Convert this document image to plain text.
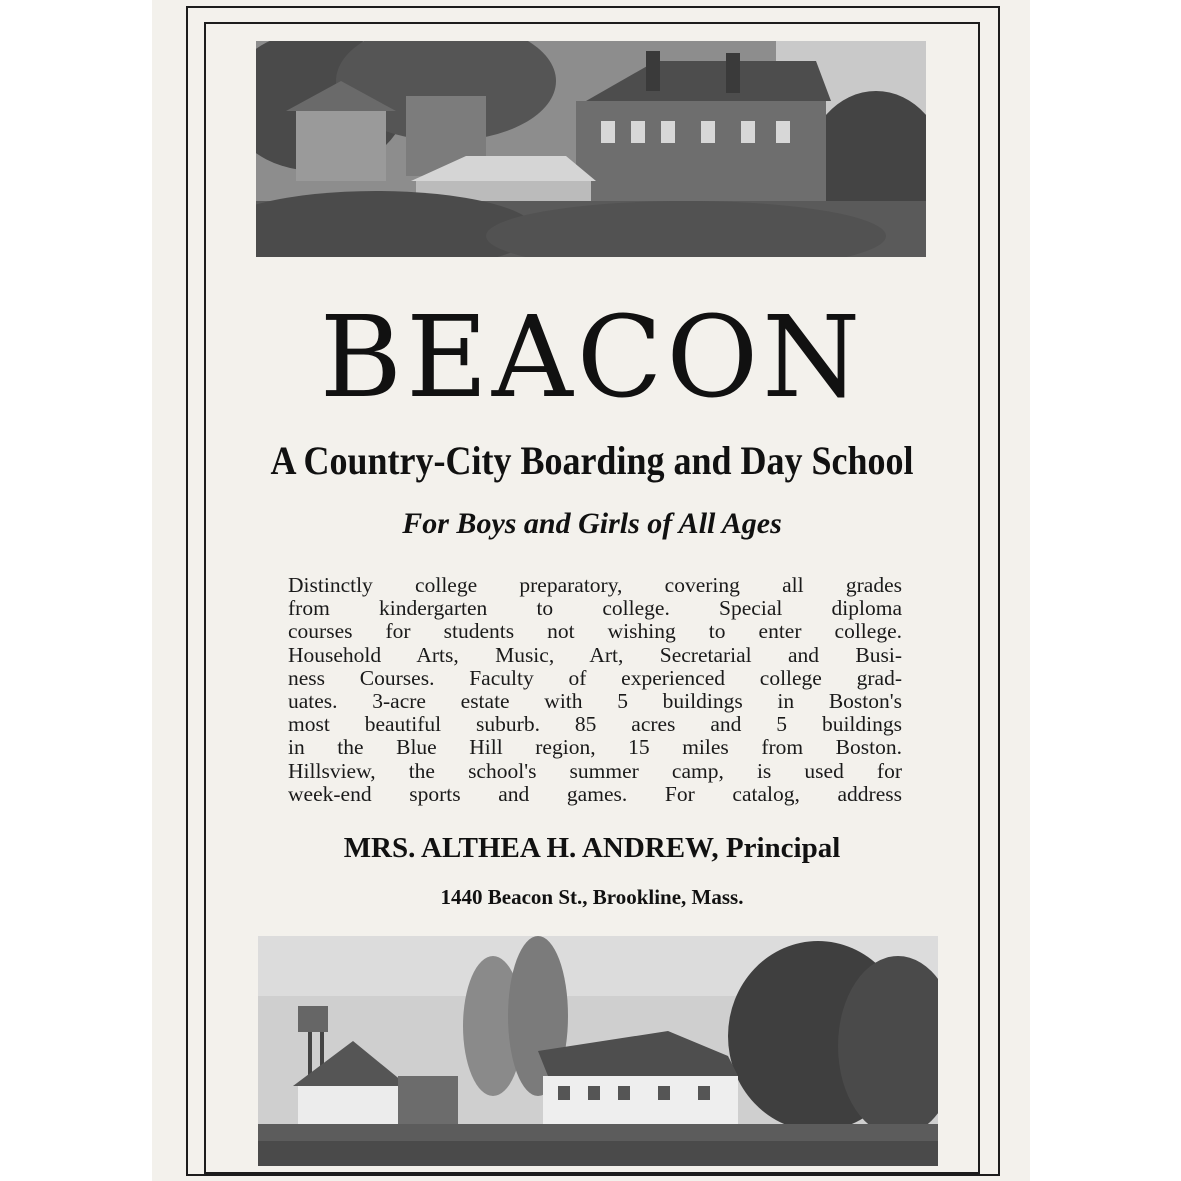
BEACON
A Country-City Boarding and Day School
For Boys and Girls of All Ages
Distinctly college preparatory, covering all grades
from kindergarten to college. Special diploma
courses for students not wishing to enter college.
Household Arts, Music, Art, Secretarial and Busi-
ness Courses. Faculty of experienced college grad-
uates. 3-acre estate with 5 buildings in Boston's
most beautiful suburb. 85 acres and 5 buildings
in the Blue Hill region, 15 miles from Boston.
Hillsview, the school's summer camp, is used for
week-end sports and games. For catalog, address
MRS. ALTHEA H. ANDREW, Principal
1440 Beacon St., Brookline, Mass.
